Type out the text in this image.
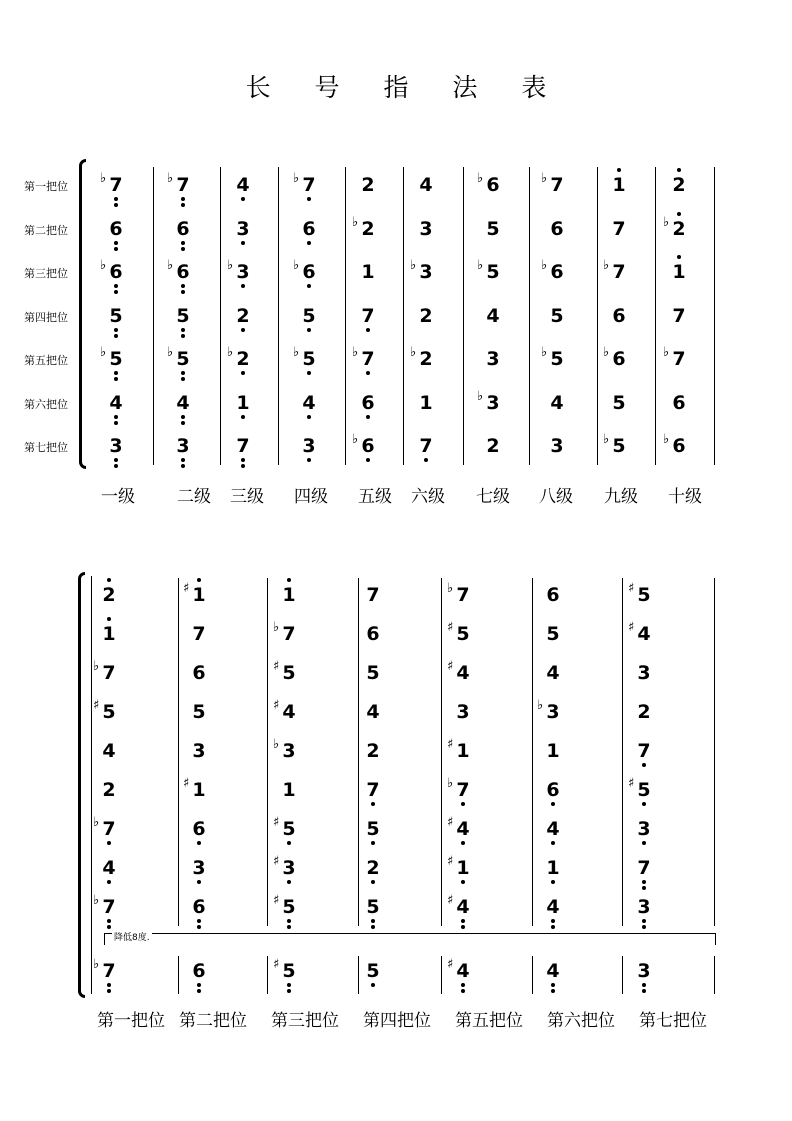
长 号 指 法 表
第一把位
第二把位
第三把位
第四把位
第五把位
第六把位
第七把位
7
♭
6
6
♭
5
5
♭
4
3
7
♭
6
6
♭
5
5
♭
4
3
4
3
3
♭
2
2
♭
1
7
7
♭
6
6
♭
5
5
♭
4
3
2
2
♭
1
7
7
♭
6
6
♭
4
3
3
♭
2
2
♭
1
7
6
♭
5
5
♭
4
3
3
♭
2
7
♭
6
6
♭
5
5
♭
4
3
1
7
7
♭
6
6
♭
5
5
♭
2
2
♭
1
7
7
♭
6
6
♭
一级 二级 三级 四级 五级 六级 七级 八级 九级 十级
降低8度.
2
1
7
♭
5
♯
4
2
7
♭
4
7
♭
7
♭
1
♯
7
6
5
3
1
♯
6
3
6
6
1
7
♭
5
♯
4
♯
3
♭
1
5
♯
3
♯
5
♯
5
♯
7
6
5
4
2
7
5
2
5
5
7
♭
5
♯
4
♯
3
1
♯
7
♭
4
♯
1
♯
4
♯
4
♯
6
5
4
3
♭
1
6
4
1
4
4
5
♯
4
♯
3
2
7
5
♯
3
7
3
3
第一把位 第二把位 第三把位 第四把位 第五把位 第六把位 第七把位
